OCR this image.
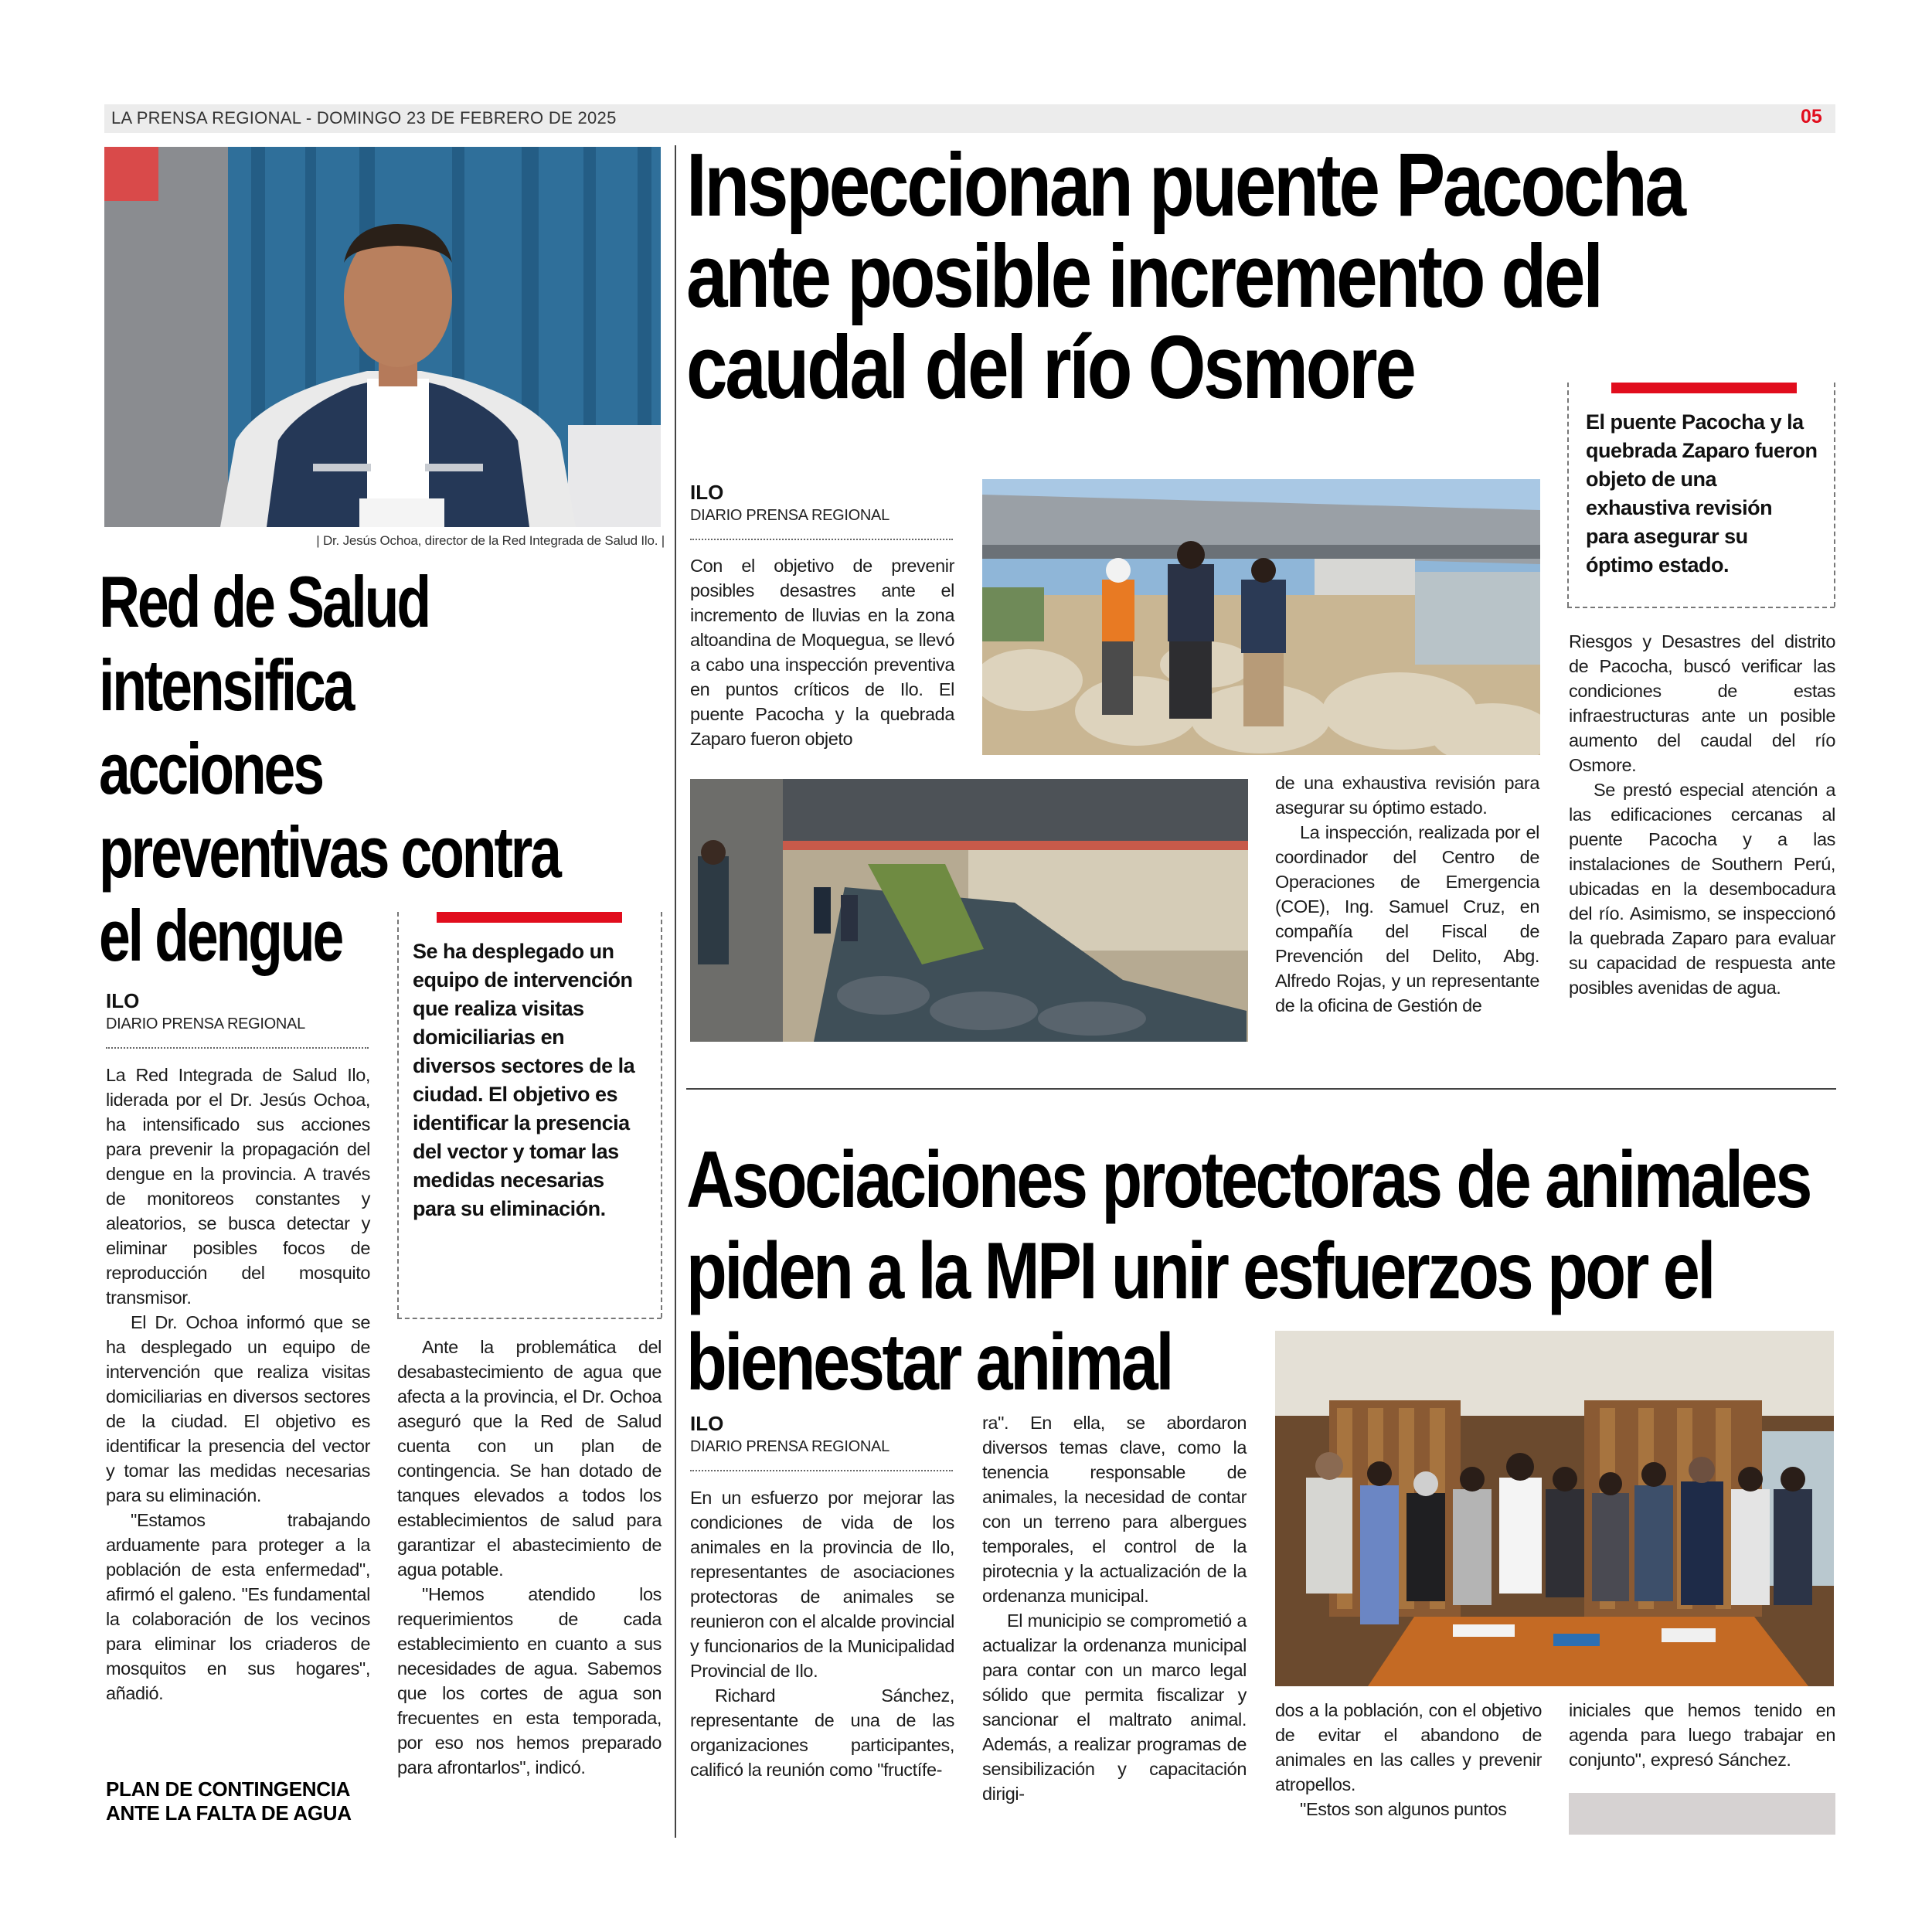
LA PRENSA REGIONAL - DOMINGO 23 DE FEBRERO DE 2025	05
| Dr. Jesús Ochoa, director de la Red Integrada de Salud Ilo. |
Red de Salud
intensifica
acciones
preventivas contra
el dengue
ILO
DIARIO PRENSA REGIONAL

La Red Integrada de Salud Ilo, liderada por el Dr. Jesús Ochoa, ha intensificado sus acciones para prevenir la propagación del dengue en la provincia. A través de monitoreos constantes y aleatorios, se busca detectar y eliminar posibles focos de reproducción del mosquito transmisor.

El Dr. Ochoa informó que se ha desplegado un equipo de intervención que realiza visitas domiciliarias en diversos sectores de la ciudad. El objetivo es identificar la presencia del vector y tomar las medidas necesarias para su eliminación.

"Estamos trabajando arduamente para proteger a la población de esta enfermedad", afirmó el galeno. "Es fundamental la colaboración de los vecinos para eliminar los criaderos de mosquitos en sus hogares", añadió.

PLAN DE CONTINGENCIA ANTE LA FALTA DE AGUA
Se ha desplegado un equipo de intervención que realiza visitas domiciliarias en diversos sectores de la ciudad. El objetivo es identificar la presencia del vector y tomar las medidas necesarias para su eliminación.

Ante la problemática del desabastecimiento de agua que afecta a la provincia, el Dr. Ochoa aseguró que la Red de Salud cuenta con un plan de contingencia. Se han dotado de tanques elevados a todos los establecimientos de salud para garantizar el abastecimiento de agua potable.

"Hemos atendido los requerimientos de cada establecimiento en cuanto a sus necesidades de agua. Sabemos que los cortes de agua son frecuentes en esta temporada, por eso nos hemos preparado para afrontarlos", indicó.

Inspeccionan puente Pacocha
ante posible incremento del
caudal del río Osmore
ILO
DIARIO PRENSA REGIONAL

Con el objetivo de prevenir posibles desastres ante el incremento de lluvias en la zona altoandina de Moquegua, se llevó a cabo una inspección preventiva en puntos críticos de Ilo. El puente Pacocha y la quebrada Zaparo fueron objeto

de una exhaustiva revisión para asegurar su óptimo estado.

La inspección, realizada por el coordinador del Centro de Operaciones de Emergencia (COE), Ing. Samuel Cruz, en compañía del Fiscal de Prevención del Delito, Abg. Alfredo Rojas, y un representante de la oficina de Gestión de

El puente Pacocha y la quebrada Zaparo fueron objeto de una exhaustiva revisión para asegurar su óptimo estado.

Riesgos y Desastres del distrito de Pacocha, buscó verificar las condiciones de estas infraestructuras ante un posible aumento del caudal del río Osmore.

Se prestó especial atención a las edificaciones cercanas al puente Pacocha y a las instalaciones de Southern Perú, ubicadas en la desembocadura del río. Asimismo, se inspeccionó la quebrada Zaparo para evaluar su capacidad de respuesta ante posibles avenidas de agua.

Asociaciones protectoras de animales
piden a la MPI unir esfuerzos por el
bienestar animal
ILO
DIARIO PRENSA REGIONAL

En un esfuerzo por mejorar las condiciones de vida de los animales en la provincia de Ilo, representantes de asociaciones protectoras de animales se reunieron con el alcalde provincial y funcionarios de la Municipalidad Provincial de Ilo.

Richard Sánchez, representante de una de las organizaciones participantes, calificó la reunión como "fructífe-

ra". En ella, se abordaron diversos temas clave, como la tenencia responsable de animales, la necesidad de contar con un terreno para albergues temporales, el control de la pirotecnia y la actualización de la ordenanza municipal.

El municipio se comprometió a actualizar la ordenanza municipal para contar con un marco legal sólido que permita fiscalizar y sancionar el maltrato animal. Además, a realizar programas de sensibilización y capacitación dirigi-

dos a la población, con el objetivo de evitar el abandono de animales en las calles y prevenir atropellos.

"Estos son algunos puntos

iniciales que hemos tenido en agenda para luego trabajar en conjunto", expresó Sánchez.
